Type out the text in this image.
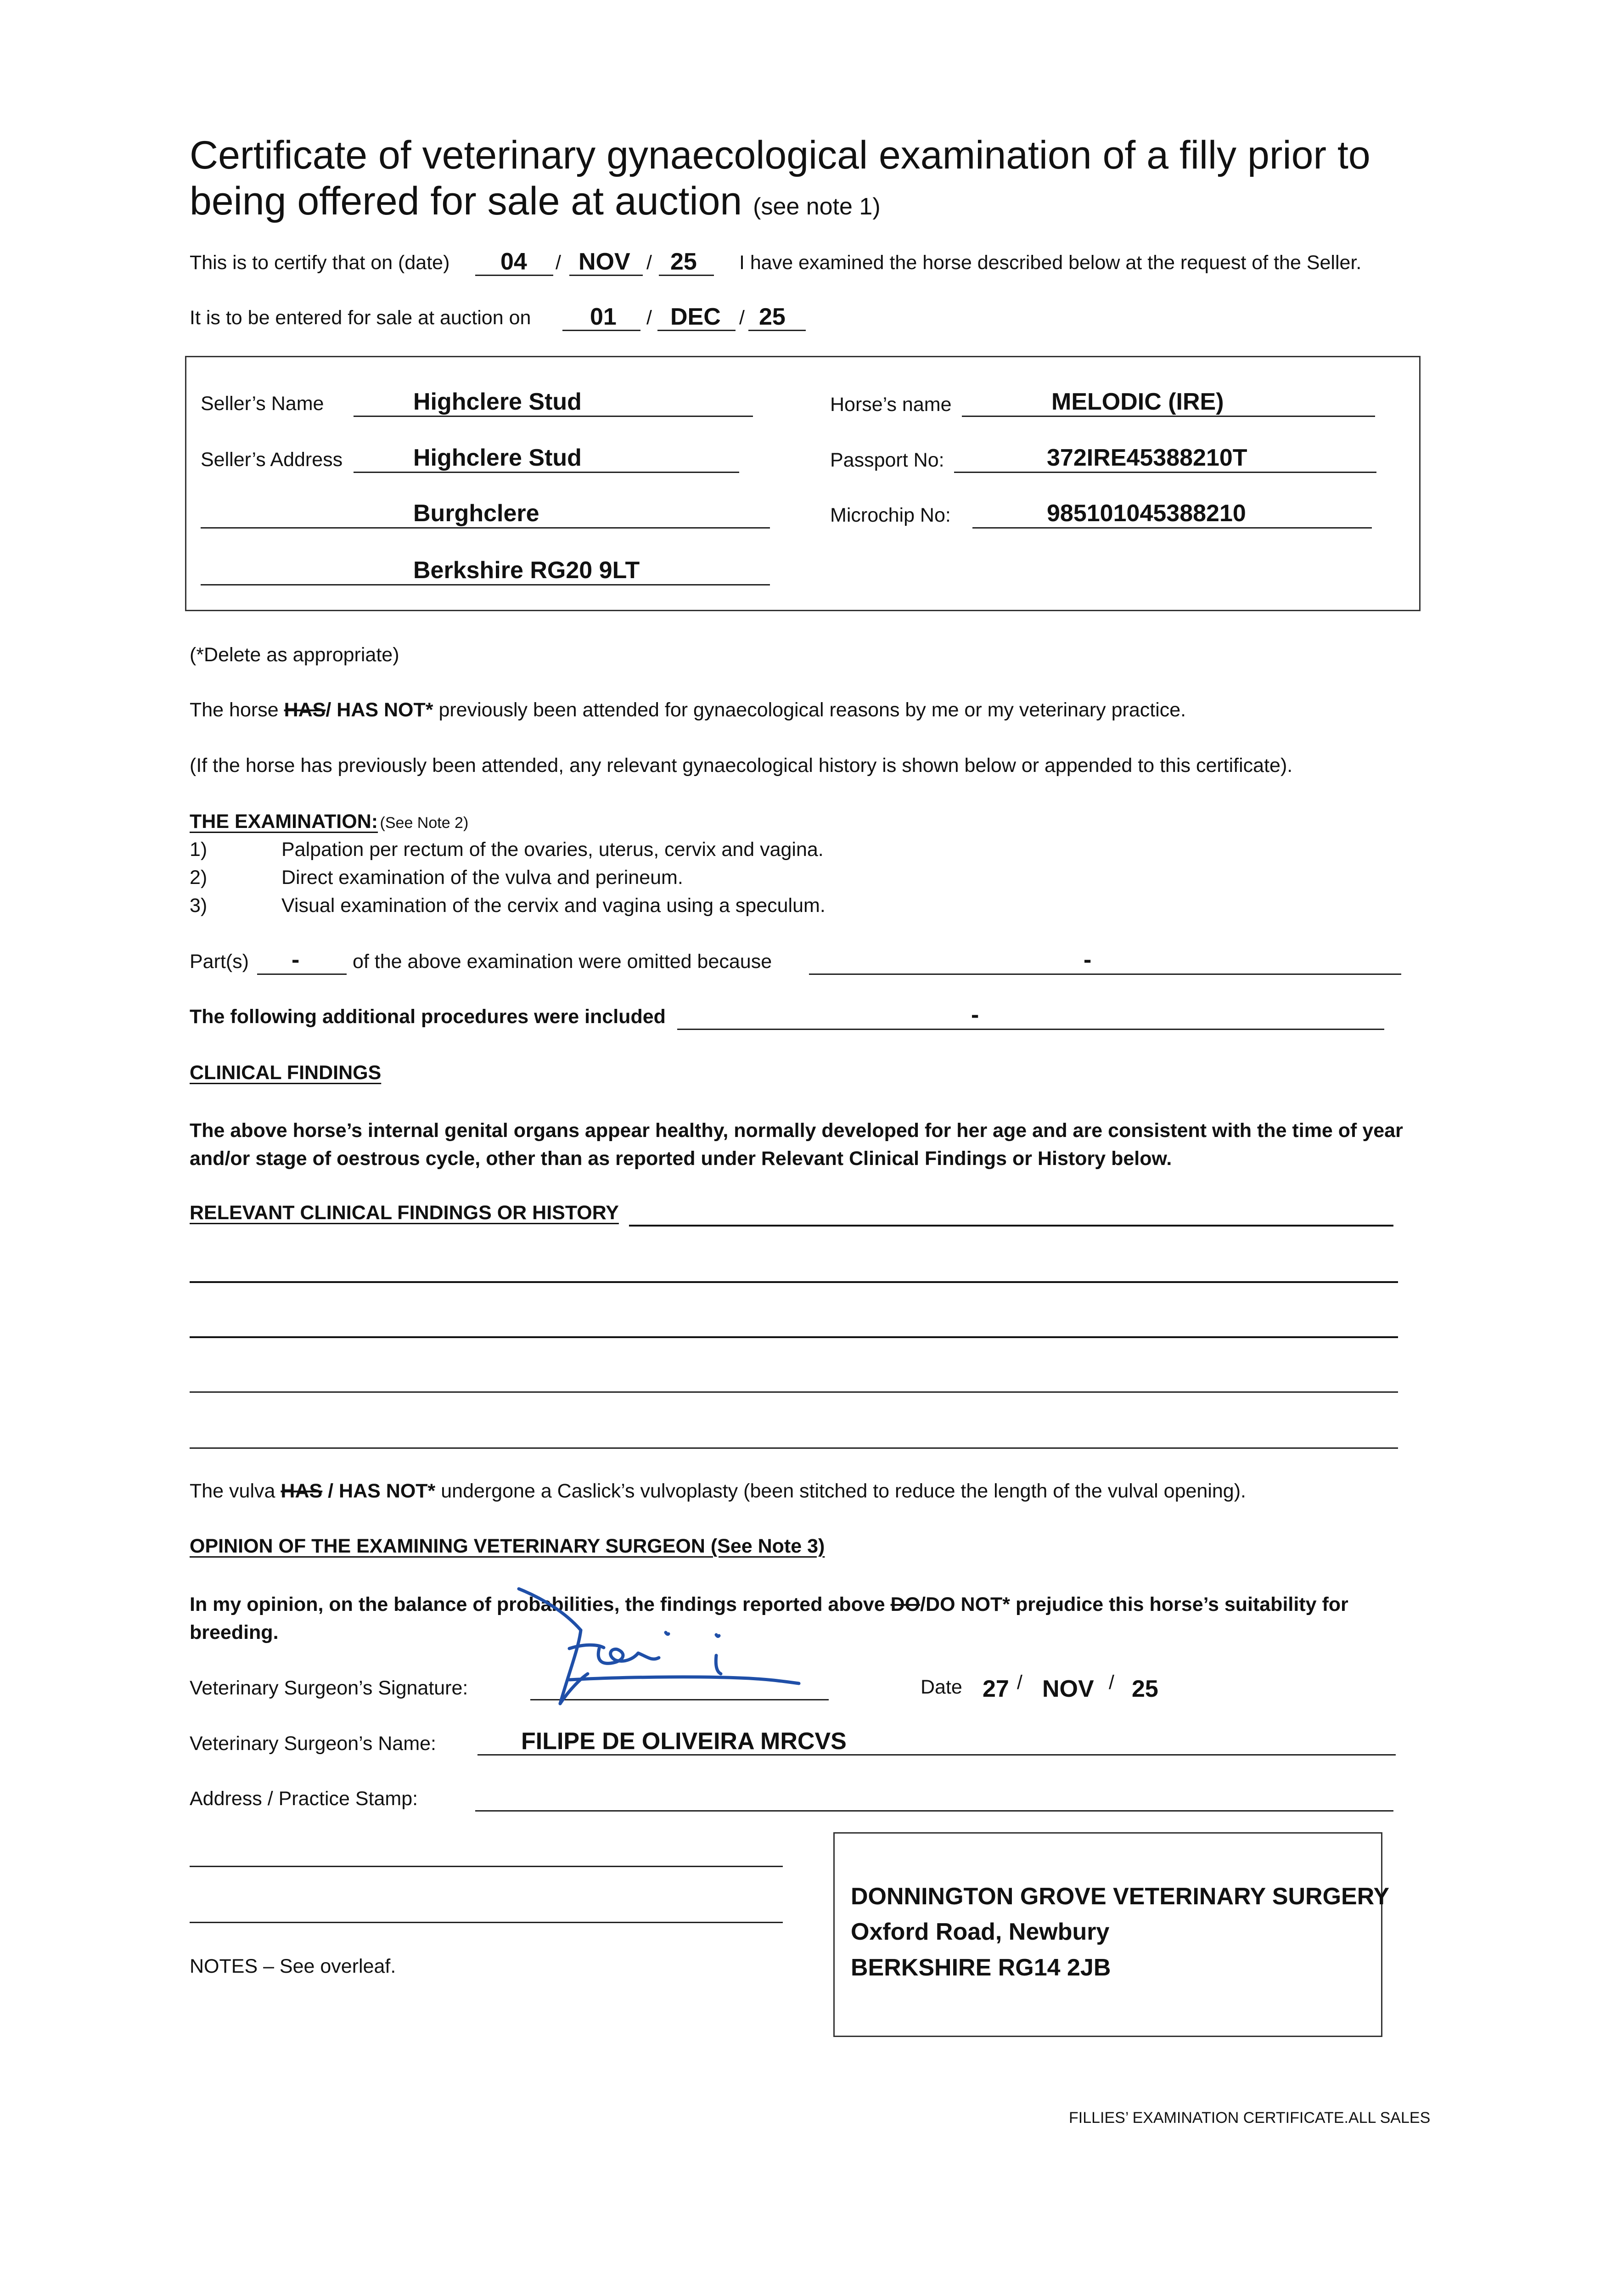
Certificate of veterinary gynaecological examination of a filly prior to being offered for sale at auction (see note 1)
This is to certify that on (date) 04 / NOV / 25 I have examined the horse described below at the request of the Seller.
It is to be entered for sale at auction on 01 / DEC / 25
Seller’s Name	Highclere Stud
Seller’s Address	Highclere Stud
Burghclere
Berkshire RG20 9LT
Horse’s name	MELODIC (IRE)
Passport No:	372IRE45388210T
Microchip No:	985101045388210
(*Delete as appropriate)
The horse HAS/ HAS NOT* previously been attended for gynaecological reasons by me or my veterinary practice.
(If the horse has previously been attended, any relevant gynaecological history is shown below or appended to this certificate).
THE EXAMINATION: (See Note 2)
1)	Palpation per rectum of the ovaries, uterus, cervix and vagina.
2)	Direct examination of the vulva and perineum.
3)	Visual examination of the cervix and vagina using a speculum.
Part(s) -	of the above examination were omitted because	-
The following additional procedures were included	-
CLINICAL FINDINGS
The above horse’s internal genital organs appear healthy, normally developed for her age and are consistent with the time of year and/or stage of oestrous cycle, other than as reported under Relevant Clinical Findings or History below.
RELEVANT CLINICAL FINDINGS OR HISTORY
The vulva HAS / HAS NOT* undergone a Caslick’s vulvoplasty (been stitched to reduce the length of the vulval opening).
OPINION OF THE EXAMINING VETERINARY SURGEON (See Note 3)
In my opinion, on the balance of probabilities, the findings reported above DO/DO NOT* prejudice this horse’s suitability for breeding.
Veterinary Surgeon’s Signature:	Date 27 / NOV / 25
Veterinary Surgeon’s Name:	FILIPE DE OLIVEIRA MRCVS
Address / Practice Stamp:
DONNINGTON GROVE VETERINARY SURGERY
Oxford Road, Newbury
BERKSHIRE RG14 2JB
NOTES – See overleaf.
FILLIES’ EXAMINATION CERTIFICATE.ALL SALES
